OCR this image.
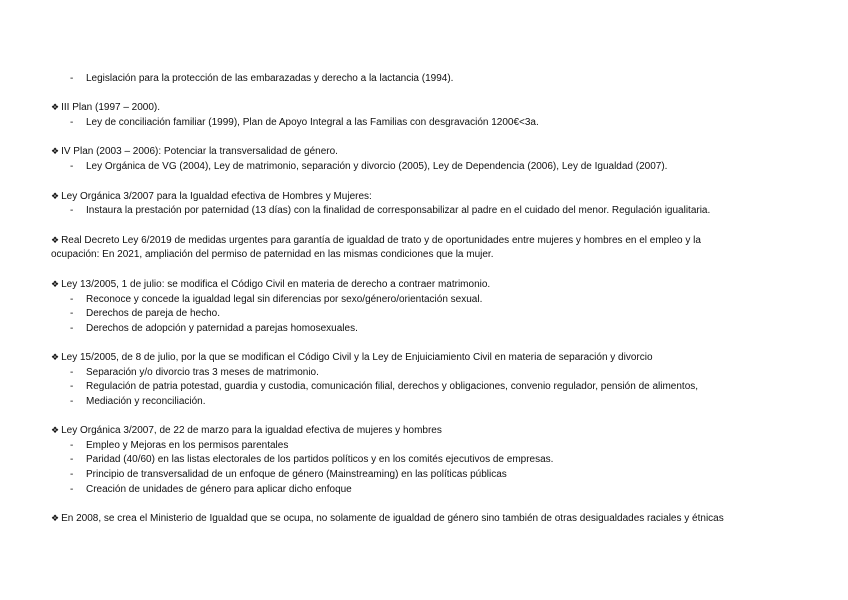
- Legislación para la protección de las embarazadas y derecho a la lactancia (1994).
❖ III Plan (1997 – 2000).
- Ley de conciliación familiar (1999), Plan de Apoyo Integral a las Familias con desgravación 1200€<3a.
❖ IV Plan (2003 – 2006): Potenciar la transversalidad de género.
- Ley Orgánica de VG (2004), Ley de matrimonio, separación y divorcio (2005), Ley de Dependencia (2006), Ley de Igualdad (2007).
❖ Ley Orgánica 3/2007 para la Igualdad efectiva de Hombres y Mujeres:
- Instaura la prestación por paternidad (13 días) con la finalidad de corresponsabilizar al padre en el cuidado del menor. Regulación igualitaria.
❖ Real Decreto Ley 6/2019 de medidas urgentes para garantía de igualdad de trato y de oportunidades entre mujeres y hombres en el empleo y la
ocupación: En 2021, ampliación del permiso de paternidad en las mismas condiciones que la mujer.
❖ Ley 13/2005, 1 de julio: se modifica el Código Civil en materia de derecho a contraer matrimonio.
- Reconoce y concede la igualdad legal sin diferencias por sexo/género/orientación sexual.
- Derechos de pareja de hecho.
- Derechos de adopción y paternidad a parejas homosexuales.
❖ Ley 15/2005, de 8 de julio, por la que se modifican el Código Civil y la Ley de Enjuiciamiento Civil en materia de separación y divorcio
- Separación y/o divorcio tras 3 meses de matrimonio.
- Regulación de patria potestad, guardia y custodia, comunicación filial, derechos y obligaciones, convenio regulador, pensión de alimentos,
- Mediación y reconciliación.
❖ Ley Orgánica 3/2007, de 22 de marzo para la igualdad efectiva de mujeres y hombres
- Empleo y Mejoras en los permisos parentales
- Paridad (40/60) en las listas electorales de los partidos políticos y en los comités ejecutivos de empresas.
- Principio de transversalidad de un enfoque de género (Mainstreaming) en las políticas públicas
- Creación de unidades de género para aplicar dicho enfoque
❖ En 2008, se crea el Ministerio de Igualdad que se ocupa, no solamente de igualdad de género sino también de otras desigualdades raciales y étnicas
